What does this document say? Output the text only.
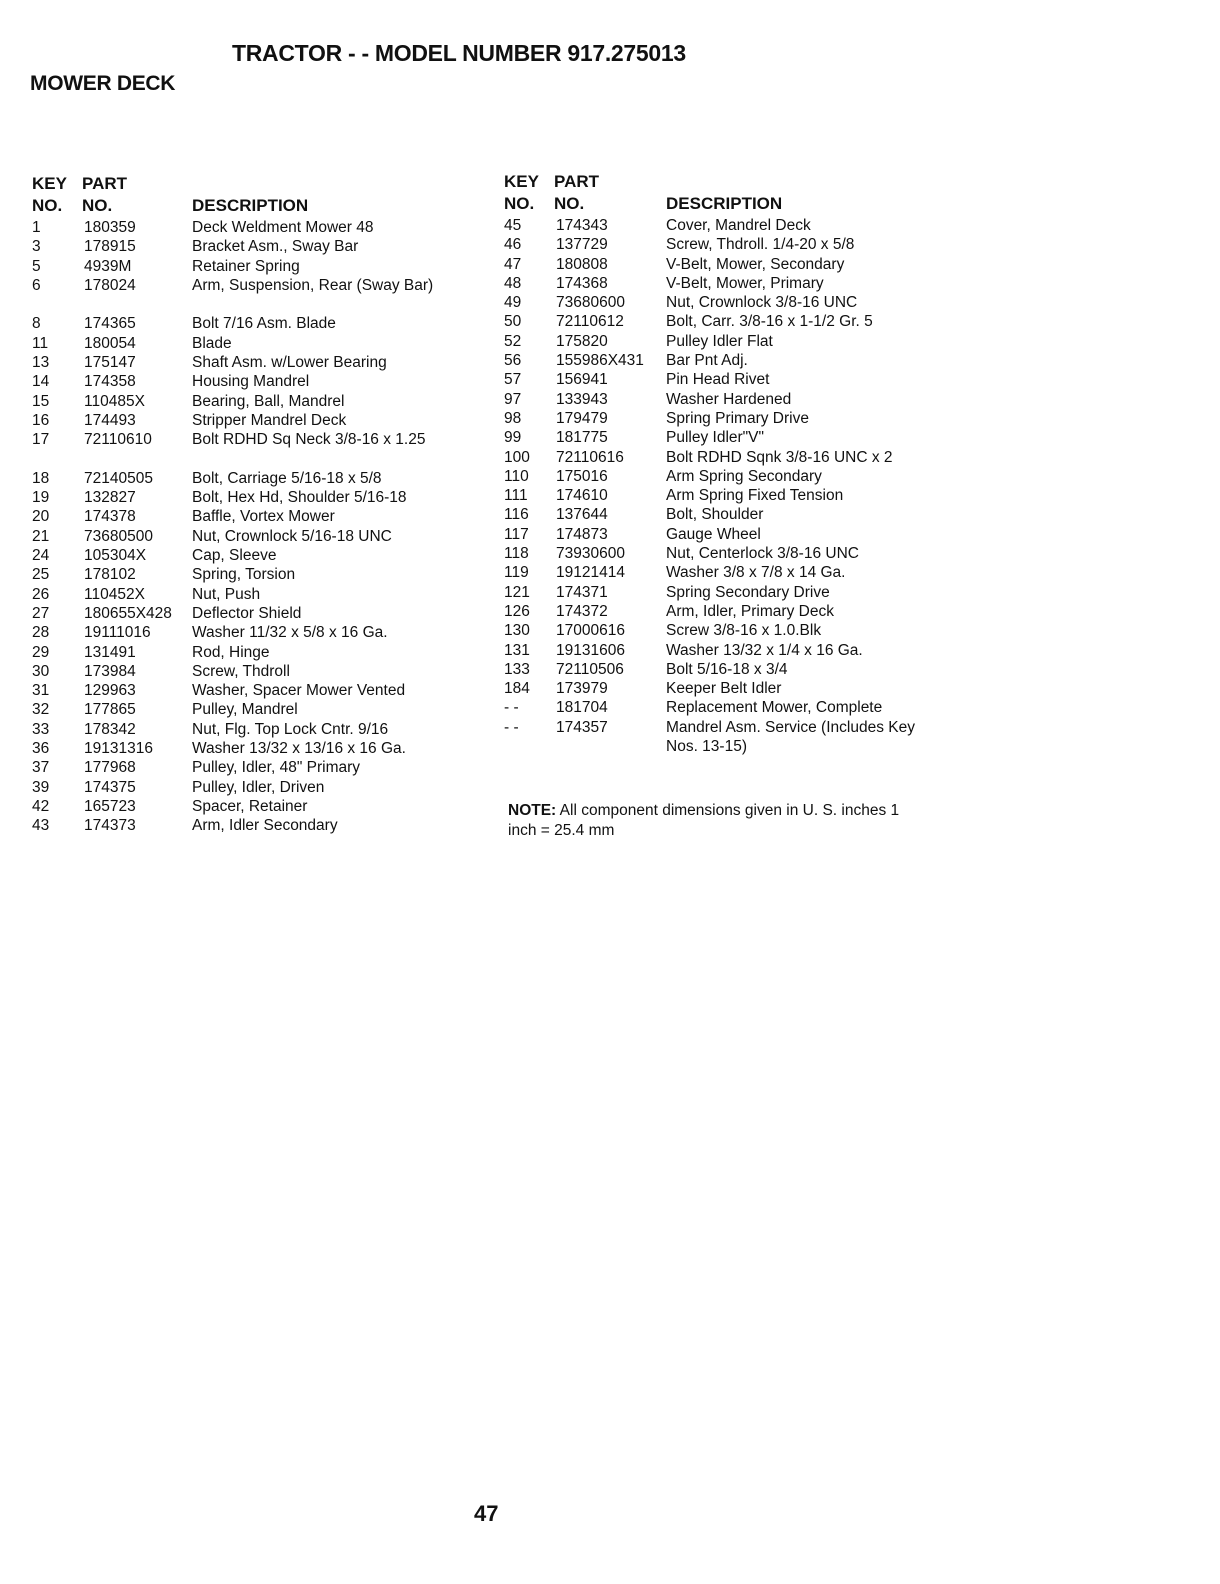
TRACTOR - - MODEL NUMBER 917.275013
MOWER DECK
KEY
NO.
PART
NO.	DESCRIPTION
1	180359	Deck Weldment Mower 48
3	178915	Bracket Asm., Sway Bar
5	4939M	Retainer Spring
6	178024	Arm, Suspension, Rear (Sway Bar)
8	174365	Bolt 7/16 Asm. Blade
11 180054	Blade
13 175147	Shaft Asm. w/Lower Bearing
14 174358	Housing Mandrel
15 110485X	Bearing, Ball, Mandrel
16 174493	Stripper Mandrel Deck
17 72110610	Bolt RDHD Sq Neck 3/8-16 x 1.25
18 72140505	Bolt, Carriage 5/16-18 x 5/8
19 132827	Bolt, Hex Hd, Shoulder 5/16-18
20 174378	Baffle, Vortex Mower
21 73680500	Nut, Crownlock 5/16-18 UNC
24 105304X	Cap, Sleeve
25 178102	Spring, Torsion
26 110452X	Nut, Push
27 180655X428 Deflector Shield
28 19111016	Washer 11/32 x 5/8 x 16 Ga.
29 131491	Rod, Hinge
30 173984	Screw, Thdroll
31 129963	Washer, Spacer Mower Vented
32 177865	Pulley, Mandrel
33 178342	Nut, Flg. Top Lock Cntr. 9/16
36 19131316	Washer 13/32 x 13/16 x 16 Ga.
37 177968	Pulley, Idler, 48" Primary
39 174375	Pulley, Idler, Driven
42 165723	Spacer, Retainer
43 174373	Arm, Idler Secondary
KEY
NO.
PART
NO.	DESCRIPTION
45 174343	Cover, Mandrel Deck
46 137729	Screw, Thdroll. 1/4-20 x 5/8
47 180808	V-Belt, Mower, Secondary
48 174368	V-Belt, Mower, Primary
49 73680600	Nut, Crownlock 3/8-16 UNC
50 72110612	Bolt, Carr. 3/8-16 x 1-1/2 Gr. 5
52 175820	Pulley Idler Flat
56 155986X431 Bar Pnt Adj.
57 156941	Pin Head Rivet
97 133943	Washer Hardened
98 179479	Spring Primary Drive
99 181775	Pulley Idler"V"
100 72110616	Bolt RDHD Sqnk 3/8-16 UNC x 2
110 175016	Arm Spring Secondary
111 174610	Arm Spring Fixed Tension
116 137644	Bolt, Shoulder
117 174873	Gauge Wheel
118 73930600	Nut, Centerlock 3/8-16 UNC
119 19121414	Washer 3/8 x 7/8 x 14 Ga.
121 174371	Spring Secondary Drive
126 174372	Arm, Idler, Primary Deck
130 17000616	Screw 3/8-16 x 1.0.Blk
131 19131606	Washer 13/32 x 1/4 x 16 Ga.
133 72110506	Bolt 5/16-18 x 3/4
184 173979	Keeper Belt Idler
- - 181704	Replacement Mower, Complete
- - 174357	Mandrel Asm. Service (Includes Key Nos. 13-15)
NOTE: All component dimensions given in U. S. inches 1 inch = 25.4 mm
47
